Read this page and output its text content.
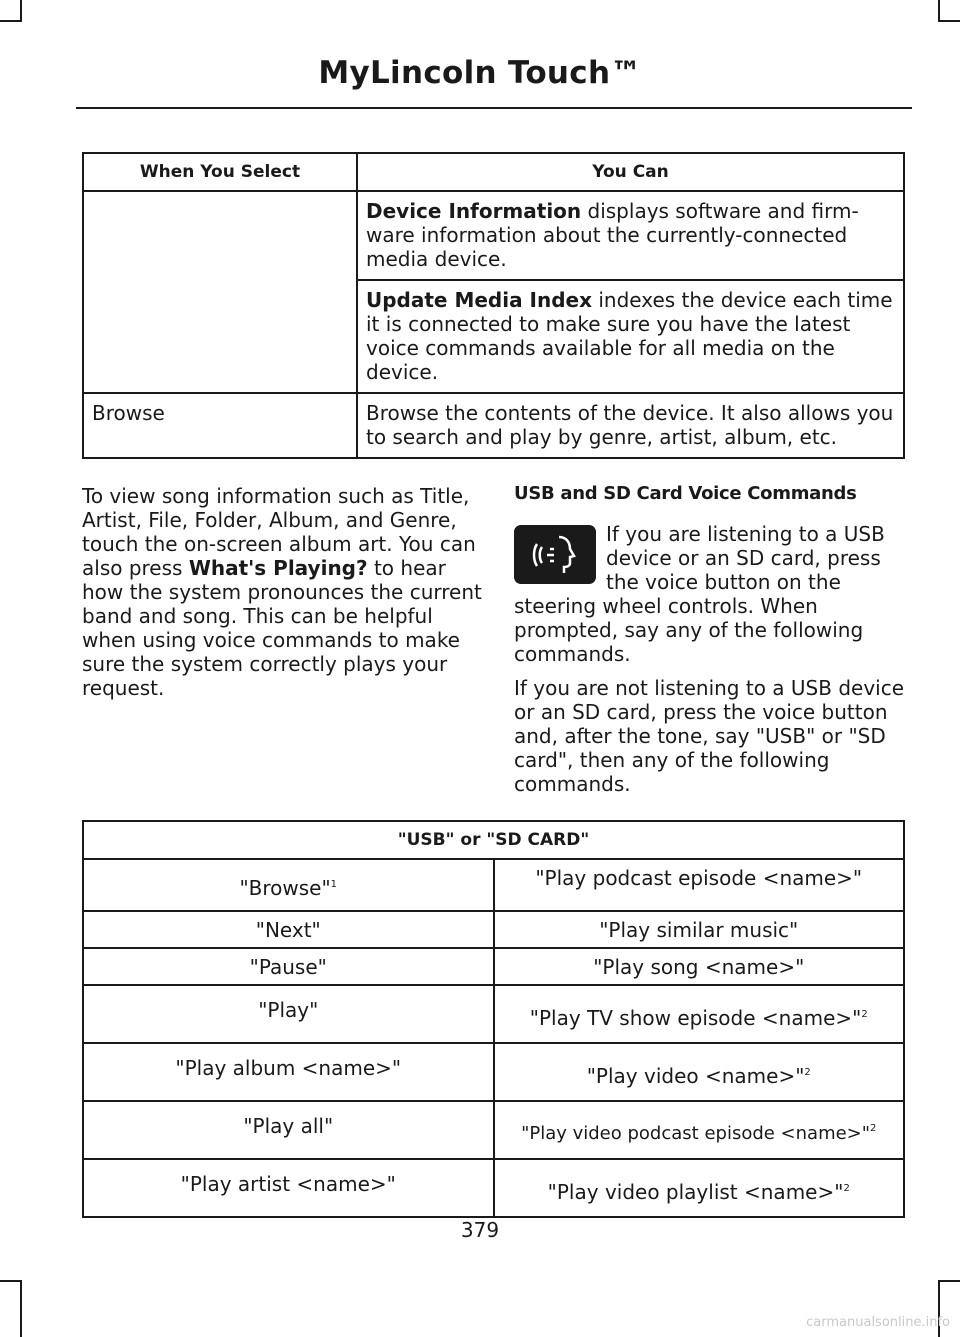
MyLincoln Touch™
When You Select	You Can
	Device Information displays software and firm-ware information about the currently-connected media device.
	Update Media Index indexes the device each time it is connected to make sure you have the latest voice commands available for all media on the device.
Browse	Browse the contents of the device. It also allows you to search and play by genre, artist, album, etc.

To view song information such as Title, Artist, File, Folder, Album, and Genre, touch the on-screen album art. You can also press What's Playing? to hear how the system pronounces the current band and song. This can be helpful when using voice commands to make sure the system correctly plays your request.

USB and SD Card Voice Commands

If you are listening to a USB device or an SD card, press the voice button on the steering wheel controls. When prompted, say any of the following commands.

If you are not listening to a USB device or an SD card, press the voice button and, after the tone, say "USB" or "SD card", then any of the following commands.

"USB" or "SD CARD"	
"Browse"$^1$	"Play podcast episode <name>"
"Next"	"Play similar music"
"Pause"	"Play song <name>"
"Play"	"Play TV show episode <name>"$^2$
"Play album <name>"	"Play video <name>"$^2$
"Play all"	"Play video podcast episode <name>"$^2$
"Play artist <name>"	"Play video playlist <name>"$^2$
379
carmanualsonline.info
